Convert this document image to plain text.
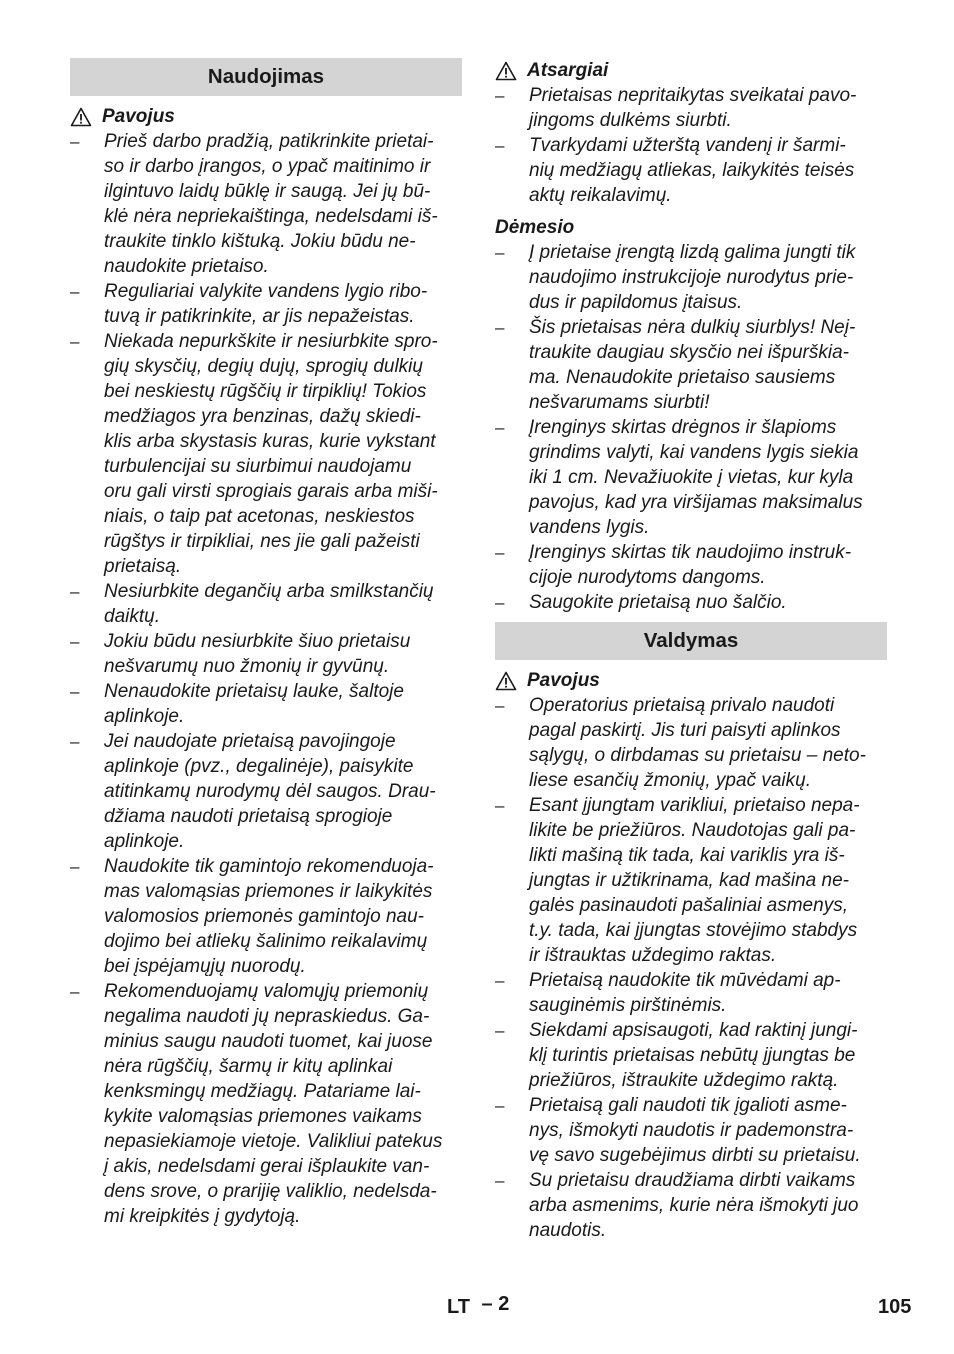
Naudojimas
Pavojus
– Prieš darbo pradžią, patikrinkite prietai-
so ir darbo įrangos, o ypač maitinimo ir
ilgintuvo laidų būklę ir saugą. Jei jų bū-
klė nėra nepriekaištinga, nedelsdami iš-
traukite tinklo kištuką. Jokiu būdu ne-
naudokite prietaiso.
– Reguliariai valykite vandens lygio ribo-
tuvą ir patikrinkite, ar jis nepažeistas.
– Niekada nepurkškite ir nesiurbkite spro-
gių skysčių, degių dujų, sprogių dulkių
bei neskiestų rūgščių ir tirpiklių! Tokios
medžiagos yra benzinas, dažų skiedi-
klis arba skystasis kuras, kurie vykstant
turbulencijai su siurbimui naudojamu
oru gali virsti sprogiais garais arba miši-
niais, o taip pat acetonas, neskiestos
rūgštys ir tirpikliai, nes jie gali pažeisti
prietaisą.
– Nesiurbkite degančių arba smilkstančių
daiktų.
– Jokiu būdu nesiurbkite šiuo prietaisu
nešvarumų nuo žmonių ir gyvūnų.
– Nenaudokite prietaisų lauke, šaltoje
aplinkoje.
– Jei naudojate prietaisą pavojingoje
aplinkoje (pvz., degalinėje), paisykite
atitinkamų nurodymų dėl saugos. Drau-
džiama naudoti prietaisą sprogioje
aplinkoje.
– Naudokite tik gamintojo rekomenduoja-
mas valomąsias priemones ir laikykitės
valomosios priemonės gamintojo nau-
dojimo bei atliekų šalinimo reikalavimų
bei įspėjamųjų nuorodų.
– Rekomenduojamų valomųjų priemonių
negalima naudoti jų nepraskiedus. Ga-
minius saugu naudoti tuomet, kai juose
nėra rūgščių, šarmų ir kitų aplinkai
kenksmingų medžiagų. Patariame lai-
kykite valomąsias priemones vaikams
nepasiekiamoje vietoje. Valikliui patekus
į akis, nedelsdami gerai išplaukite van-
dens srove, o prarijię valiklio, nedelsda-
mi kreipkitės į gydytoją.
Atsargiai
– Prietaisas nepritaikytas sveikatai pavo-
jingoms dulkėms siurbti.
– Tvarkydami užterštą vandenį ir šarmi-
nių medžiagų atliekas, laikykitės teisės
aktų reikalavimų.
Dėmesio
– Į prietaise įrengtą lizdą galima jungti tik
naudojimo instrukcijoje nurodytus prie-
dus ir papildomus įtaisus.
– Šis prietaisas nėra dulkių siurblys! Neį-
traukite daugiau skysčio nei išpurškia-
ma. Nenaudokite prietaiso sausiems
nešvarumams siurbti!
– Įrenginys skirtas drėgnos ir šlapioms
grindims valyti, kai vandens lygis siekia
iki 1 cm. Nevažiuokite į vietas, kur kyla
pavojus, kad yra viršijamas maksimalus
vandens lygis.
– Įrenginys skirtas tik naudojimo instruk-
cijoje nurodytoms dangoms.
– Saugokite prietaisą nuo šalčio.
Valdymas
Pavojus
– Operatorius prietaisą privalo naudoti
pagal paskirtį. Jis turi paisyti aplinkos
sąlygų, o dirbdamas su prietaisu – neto-
liese esančių žmonių, ypač vaikų.
– Esant įjungtam varikliui, prietaiso nepa-
likite be priežiūros. Naudotojas gali pa-
likti mašiną tik tada, kai variklis yra iš-
jungtas ir užtikrinama, kad mašina ne-
galės pasinaudoti pašaliniai asmenys,
t.y. tada, kai įjungtas stovėjimo stabdys
ir ištrauktas uždegimo raktas.
– Prietaisą naudokite tik mūvėdami ap-
sauginėmis pirštinėmis.
– Siekdami apsisaugoti, kad raktinį jungi-
klį turintis prietaisas nebūtų įjungtas be
priežiūros, ištraukite uždegimo raktą.
– Prietaisą gali naudoti tik įgalioti asme-
nys, išmokyti naudotis ir pademonstra-
vę savo sugebėjimus dirbti su prietaisu.
– Su prietaisu draudžiama dirbti vaikams
arba asmenims, kurie nėra išmokyti juo
naudotis.
LT – 2	105
